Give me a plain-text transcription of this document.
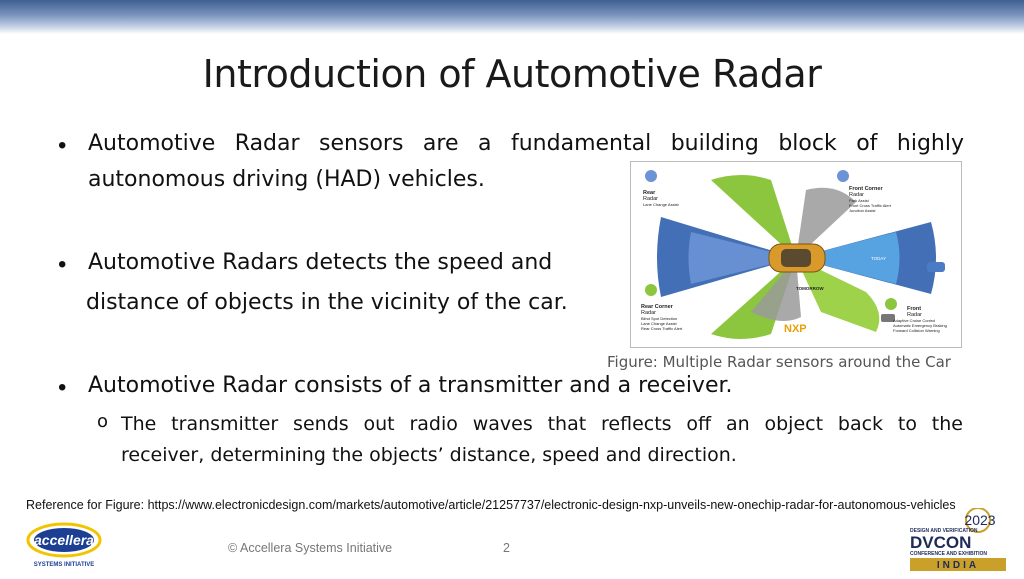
Introduction of Automotive Radar
• Automotive Radar sensors are a fundamental building block of highly
autonomous driving (HAD) vehicles.
• Automotive Radars detects the speed and
distance of objects in the vicinity of the car.
• Automotive Radar consists of a transmitter and a receiver.
o The transmitter sends out radio waves that reflects off an object back to the
receiver, determining the objects’ distance, speed and direction.
Rear
Radar
Lane Change Assist
Front Corner
Radar
Park Assist
Front Cross Traffic Alert
Junction Assist
Rear Corner
Radar
Blind Spot Detection
Lane Change Assist
Rear Cross Traffic Alert
Front
Radar
Adaptive Cruise Control
Automatic Emergency Braking
Forward Collision Warning
TOMORROW
TODAY
NXP
Figure: Multiple Radar sensors around the Car
Reference for Figure: https://www.electronicdesign.com/markets/automotive/article/21257737/electronic-design-nxp-unveils-new-onechip-radar-for-autonomous-vehicles
accellera
SYSTEMS INITIATIVE
© Accellera Systems Initiative	2
2023
DESIGN AND VERIFICATION
DVCON
CONFERENCE AND EXHIBITION
INDIA
